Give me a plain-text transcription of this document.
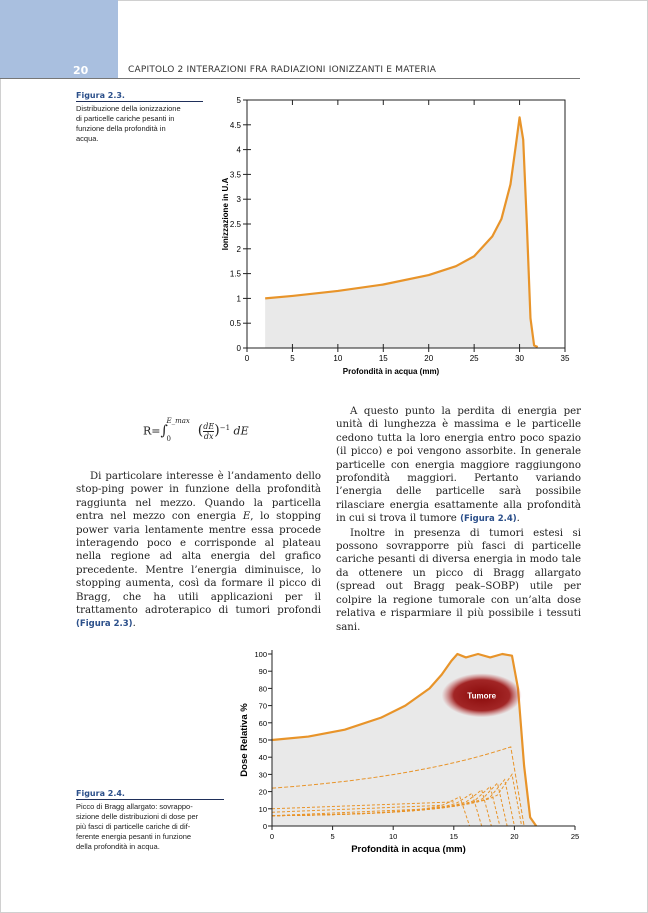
20	CAPITOLO 2 INTERAZIONI FRA RADIAZIONI IONIZZANTI E MATERIA
Figura 2.3.
Distribuzione della ionizzazione
di particelle cariche pesanti in
funzione della profondità in
acqua.
0
0.5
1
1.5
2
2.5
3
3.5
4
4.5
5
0	5	10	15	20	25	30	35
Profondità in acqua (mm)
Ionizzazione in U.A
R=∫
0
E_max
( $\frac{dE}{dx} )^{-1}$ dE

Di particolare interesse è l’andamento dello stop-ping power in funzione della profondità raggiunta nel mezzo. Quando la particella entra nel mezzo con energia E, lo stopping power varia lentamente mentre essa procede interagendo poco e corrisponde al plateau nella regione ad alta energia del grafico precedente. Mentre l’energia diminuisce, lo stopping aumenta, così da formare il picco di Bragg, che ha utili applicazioni per il trattamento adroterapico di tumori profondi (Figura 2.3).

A questo punto la perdita di energia per unità di lunghezza è massima e le particelle cedono tutta la loro energia entro poco spazio (il picco) e poi vengono assorbite. In generale particelle con energia maggiore raggiungono profondità maggiori. Pertanto variando l’energia delle particelle sarà possibile rilasciare energia esattamente alla profondità in cui si trova il tumore (Figura 2.4).

Inoltre in presenza di tumori estesi si possono sovrapporre più fasci di particelle cariche pesanti di diversa energia in modo tale da ottenere un picco di Bragg allargato (spread out Bragg peak–SOBP) utile per colpire la regione tumorale con un’alta dose relativa e risparmiare il più possibile i tessuti sani.

Figura 2.4.
Picco di Bragg allargato: sovrappo-
sizione delle distribuzioni di dose per
più fasci di particelle cariche di dif-
ferente energia pesanti in funzione
della profondità in acqua.
Tumore
0
10
20
30
40
50
60
70
80
90
100
0	5	10	15	20	25
Profondità in acqua (mm)
Dose Relativa %
